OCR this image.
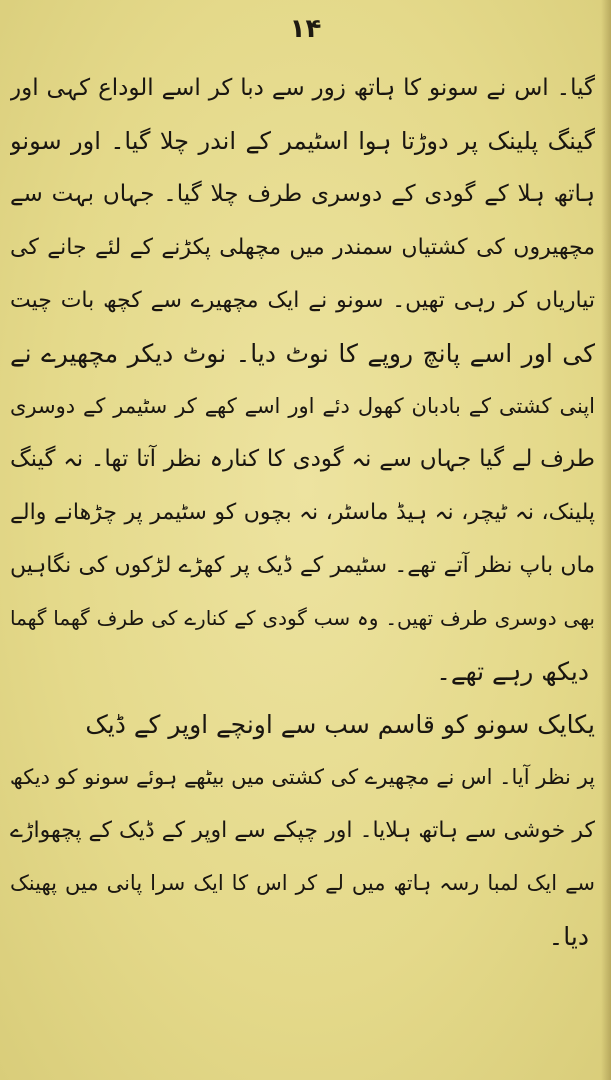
۱۴
گیا۔ اس نے سونو کا ہاتھ زور سے دبا کر اسے الوداع کہی اور
گینگ پلینک پر دوڑتا ہوا اسٹیمر کے اندر چلا گیا۔ اور سونو
ہاتھ ہلا کے گودی کے دوسری طرف چلا گیا۔ جہاں بہت سے
مچھیروں کی کشتیاں سمندر میں مچھلی پکڑنے کے لئے جانے کی
تیاریاں کر رہی تھیں۔ سونو نے ایک مچھیرے سے کچھ بات چیت
کی اور اسے پانچ روپے کا نوٹ دیا۔ نوٹ دیکر مچھیرے نے
اپنی کشتی کے بادبان کھول دئے اور اسے کھے کر سٹیمر کے دوسری
طرف لے گیا جہاں سے نہ گودی کا کنارہ نظر آتا تھا۔ نہ گینگ
پلینک، نہ ٹیچر، نہ ہیڈ ماسٹر، نہ بچوں کو سٹیمر پر چڑھانے والے
ماں باپ نظر آتے تھے۔ سٹیمر کے ڈیک پر کھڑے لڑکوں کی نگاہیں
بھی دوسری طرف تھیں۔ وہ سب گودی کے کنارے کی طرف گھما گھما
دیکھ رہے تھے۔
یکایک سونو کو قاسم سب سے اونچے اوپر کے ڈیک
پر نظر آیا۔ اس نے مچھیرے کی کشتی میں بیٹھے ہوئے سونو کو دیکھ
کر خوشی سے ہاتھ ہلایا۔ اور چپکے سے اوپر کے ڈیک کے پچھواڑے
سے ایک لمبا رسہ ہاتھ میں لے کر اس کا ایک سرا پانی میں پھینک
دیا۔
